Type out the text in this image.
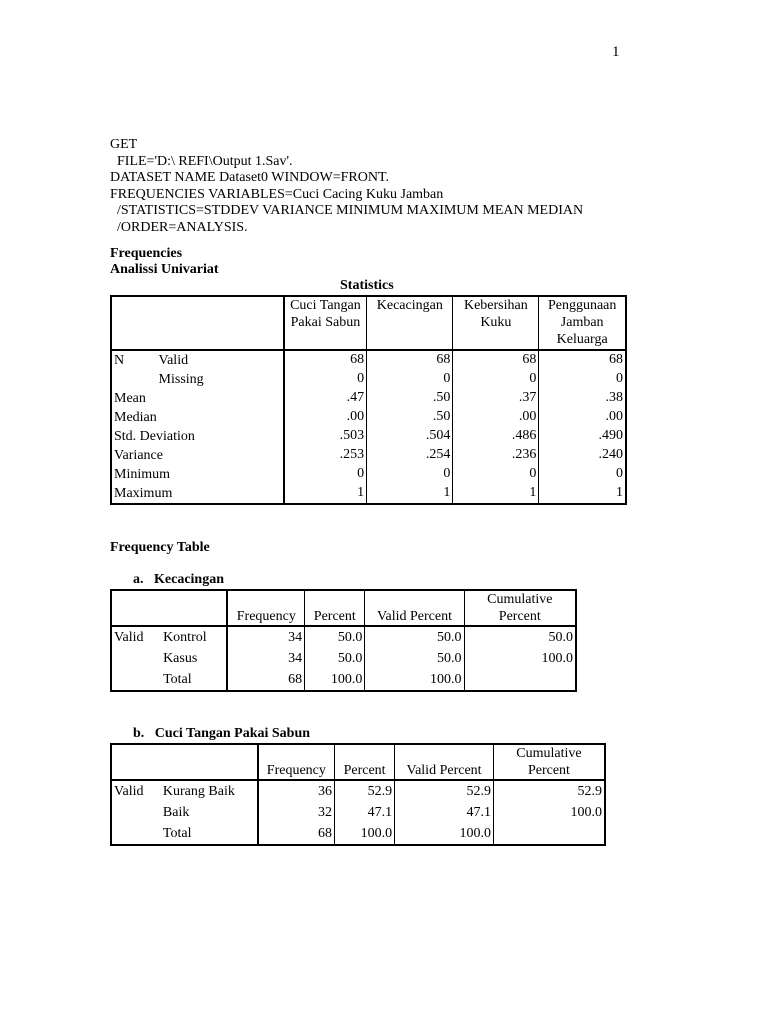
1
GET
FILE='D:\ REFI\Output 1.Sav'.
DATASET NAME Dataset0 WINDOW=FRONT.
FREQUENCIES VARIABLES=Cuci Cacing Kuku Jamban
/STATISTICS=STDDEV VARIANCE MINIMUM MAXIMUM MEAN MEDIAN
/ORDER=ANALYSIS.
Frequencies
Analissi Univariat
Statistics
		Cuci Tangan Pakai Sabun	Kecacingan	Kebersihan Kuku	Penggunaan Jamban Keluarga
N	Valid	68	68	68	68
	Missing	0	0	0	0
Mean		.47	.50	.37	.38
Median		.00	.50	.00	.00
Std. Deviation		.503	.504	.486	.490
Variance		.253	.254	.236	.240
Minimum		0	0	0	0
Maximum		1	1	1	1
Frequency Table
a.   Kecacingan
		Frequency	Percent	Valid Percent	Cumulative Percent
Valid	Kontrol	34	50.0	50.0	50.0
	Kasus	34	50.0	50.0	100.0
	Total	68	100.0	100.0	
b.   Cuci Tangan Pakai Sabun
		Frequency	Percent	Valid Percent	Cumulative Percent
Valid	Kurang Baik	36	52.9	52.9	52.9
	Baik	32	47.1	47.1	100.0
	Total	68	100.0	100.0	
